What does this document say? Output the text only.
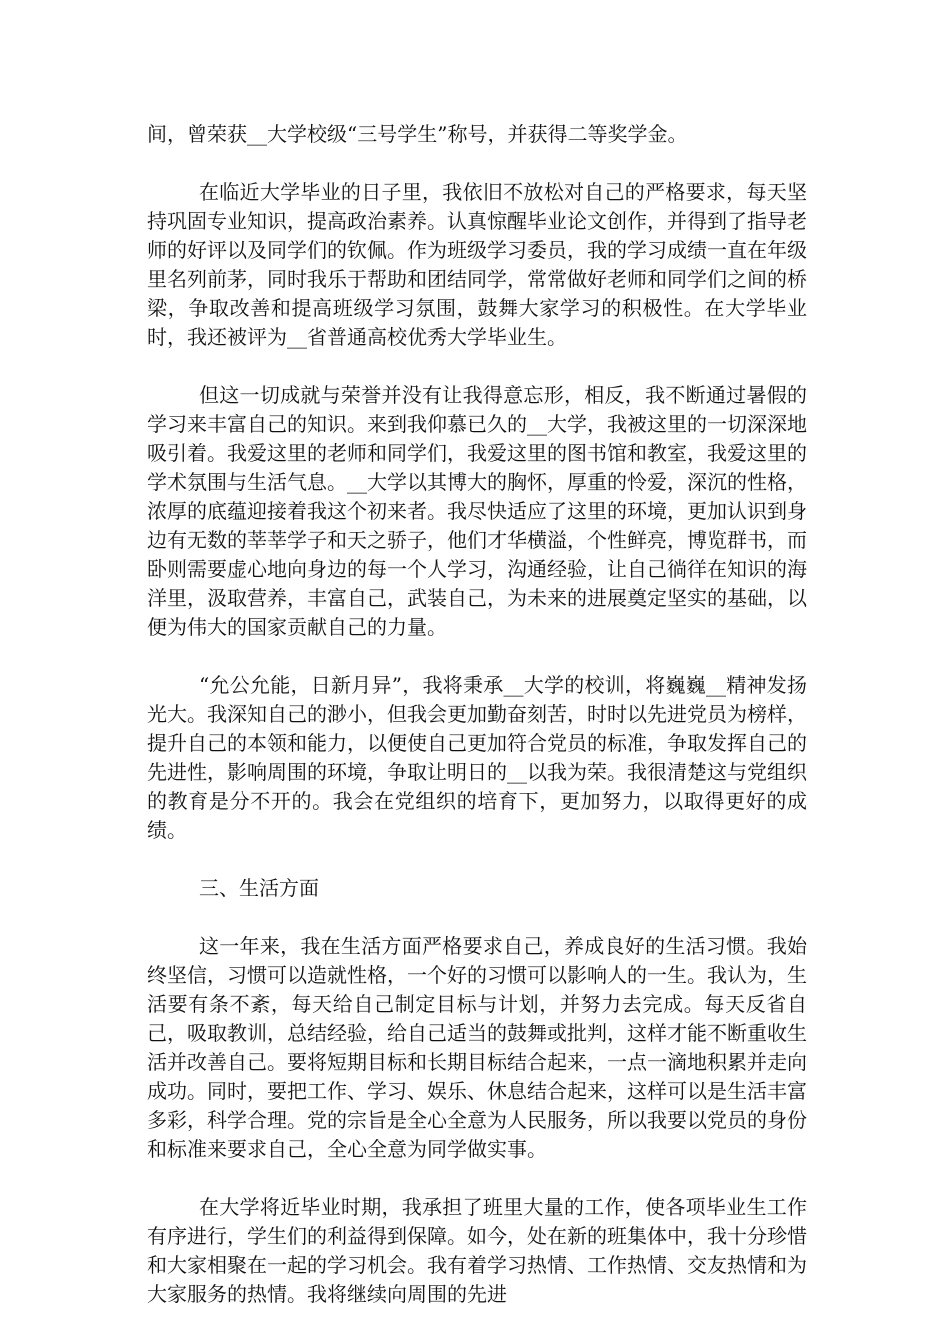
间，曾荣获__大学校级“三号学生”称号，并获得二等奖学金。

在临近大学毕业的日子里，我依旧不放松对自己的严格要求，每天坚持巩固专业知识，提高政治素养。认真惊醒毕业论文创作，并得到了指导老师的好评以及同学们的钦佩。作为班级学习委员，我的学习成绩一直在年级里名列前茅，同时我乐于帮助和团结同学，常常做好老师和同学们之间的桥梁，争取改善和提高班级学习氛围，鼓舞大家学习的积极性。在大学毕业时，我还被评为__省普通高校优秀大学毕业生。

但这一切成就与荣誉并没有让我得意忘形，相反，我不断通过暑假的学习来丰富自己的知识。来到我仰慕已久的__大学，我被这里的一切深深地吸引着。我爱这里的老师和同学们，我爱这里的图书馆和教室，我爱这里的学术氛围与生活气息。__大学以其博大的胸怀，厚重的怜爱，深沉的性格，浓厚的底蕴迎接着我这个初来者。我尽快适应了这里的环境，更加认识到身边有无数的莘莘学子和天之骄子，他们才华横溢，个性鲜亮，博览群书，而卧则需要虚心地向身边的每一个人学习，沟通经验，让自己徜徉在知识的海洋里，汲取营养，丰富自己，武装自己，为未来的进展奠定坚实的基础，以便为伟大的国家贡献自己的力量。

“允公允能，日新月异”，我将秉承__大学的校训，将巍巍__精神发扬光大。我深知自己的渺小，但我会更加勤奋刻苦，时时以先进党员为榜样，提升自己的本领和能力，以便使自己更加符合党员的标准，争取发挥自己的先进性，影响周围的环境，争取让明日的__以我为荣。我很清楚这与党组织的教育是分不开的。我会在党组织的培育下，更加努力，以取得更好的成绩。

三、生活方面

这一年来，我在生活方面严格要求自己，养成良好的生活习惯。我始终坚信，习惯可以造就性格，一个好的习惯可以影响人的一生。我认为，生活要有条不紊，每天给自己制定目标与计划，并努力去完成。每天反省自己，吸取教训，总结经验，给自己适当的鼓舞或批判，这样才能不断重收生活并改善自己。要将短期目标和长期目标结合起来，一点一滴地积累并走向成功。同时，要把工作、学习、娱乐、休息结合起来，这样可以是生活丰富多彩，科学合理。党的宗旨是全心全意为人民服务，所以我要以党员的身份和标准来要求自己，全心全意为同学做实事。

在大学将近毕业时期，我承担了班里大量的工作，使各项毕业生工作有序进行，学生们的利益得到保障。如今，处在新的班集体中，我十分珍惜和大家相聚在一起的学习机会。我有着学习热情、工作热情、交友热情和为大家服务的热情。我将继续向周围的先进
